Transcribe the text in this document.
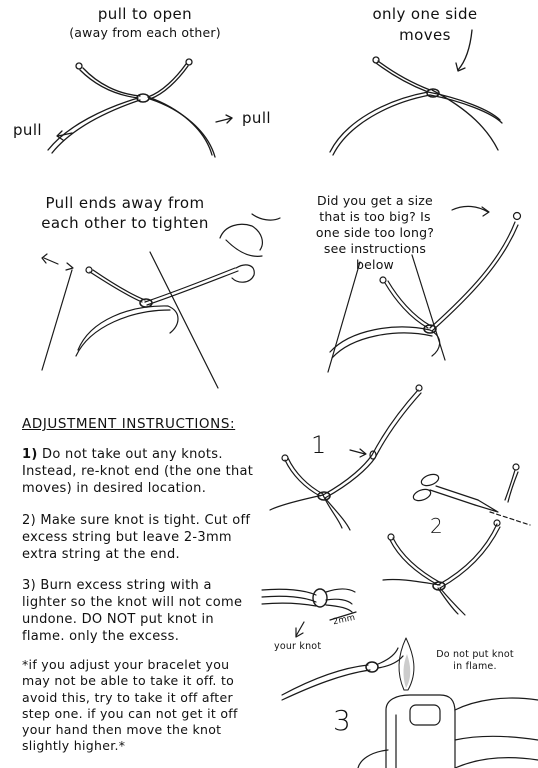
pull to open
(away from each other)
pull
pull
only one side
moves
Pull ends away from
each other to tighten
Did you get a size
that is too big? Is
one side too long?
see instructions
below
ADJUSTMENT INSTRUCTIONS:
1) Do not take out any knots. Instead, re-knot end (the one that moves) in desired location.
2) Make sure knot is tight. Cut off excess string but leave 2-3mm extra string at the end.
3) Burn excess string with a lighter so the knot will not come undone. DO NOT put knot in flame. only the excess.
*if you adjust your bracelet you may not be able to take it off. to avoid this, try to take it off after step one. if you can not get it off your hand then move the knot slightly higher.*
1
2
3
your knot
2mm
Do not put knot
in flame.
